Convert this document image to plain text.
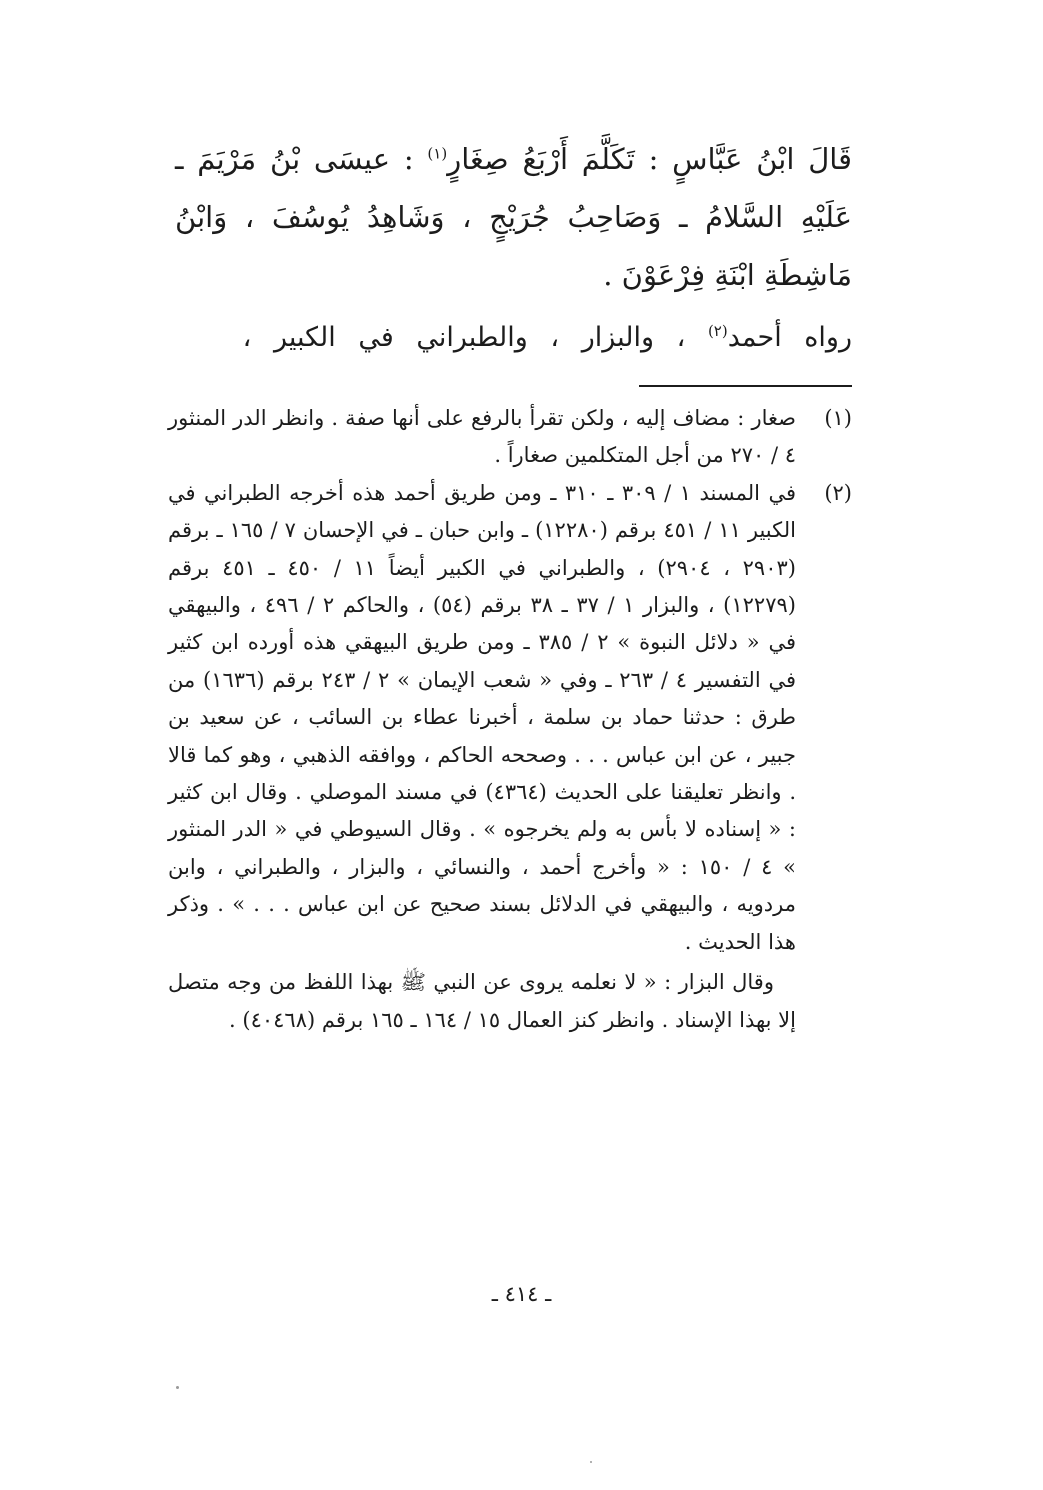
قَالَ ابْنُ عَبَّاسٍ : تَكَلَّمَ أَرْبَعُ صِغَارٍ$^{(١)}$ : عيسَى بْنُ مَرْيَمَ ـ عَلَيْهِ السَّلامُ ـ وَصَاحِبُ جُرَيْجٍ ، وَشَاهِدُ يُوسُفَ ، وَابْنُ مَاشِطَةِ ابْنَةِ فِرْعَوْنَ .

رواه أحمد$^{(٢)}$ ، والبزار ، والطبراني في الكبير ،
(١)
صغار : مضاف إليه ، ولكن تقرأ بالرفع على أنها صفة . وانظر الدر المنثور ٤ / ٢٧٠ من أجل المتكلمين صغاراً .
(٢)
في المسند ١ / ٣٠٩ ـ ٣١٠ ـ ومن طريق أحمد هذه أخرجه الطبراني في الكبير ١١ / ٤٥١ برقم (١٢٢٨٠) ـ وابن حبان ـ في الإحسان ٧ / ١٦٥ ـ برقم (٢٩٠٣ ، ٢٩٠٤) ، والطبراني في الكبير أيضاً ١١ / ٤٥٠ ـ ٤٥١ برقم (١٢٢٧٩) ، والبزار ١ / ٣٧ ـ ٣٨ برقم (٥٤) ، والحاكم ٢ / ٤٩٦ ، والبيهقي في « دلائل النبوة » ٢ / ٣٨٥ ـ ومن طريق البيهقي هذه أورده ابن كثير في التفسير ٤ / ٢٦٣ ـ وفي « شعب الإيمان » ٢ / ٢٤٣ برقم (١٦٣٦) من طرق : حدثنا حماد بن سلمة ، أخبرنا عطاء بن السائب ، عن سعيد بن جبير ، عن ابن عباس . . . وصححه الحاكم ، ووافقه الذهبي ، وهو كما قالا . وانظر تعليقنا على الحديث (٤٣٦٤) في مسند الموصلي . وقال ابن كثير : « إسناده لا بأس به ولم يخرجوه » . وقال السيوطي في « الدر المنثور » ٤ / ١٥٠ : « وأخرج أحمد ، والنسائي ، والبزار ، والطبراني ، وابن مردويه ، والبيهقي في الدلائل بسند صحيح عن ابن عباس . . . » . وذكر هذا الحديث .

وقال البزار : « لا نعلمه يروى عن النبي ﷺ بهذا اللفظ من وجه متصل إلا بهذا الإسناد . وانظر كنز العمال ١٥ / ١٦٤ ـ ١٦٥ برقم (٤٠٤٦٨) .

ـ ٤١٤ ـ
